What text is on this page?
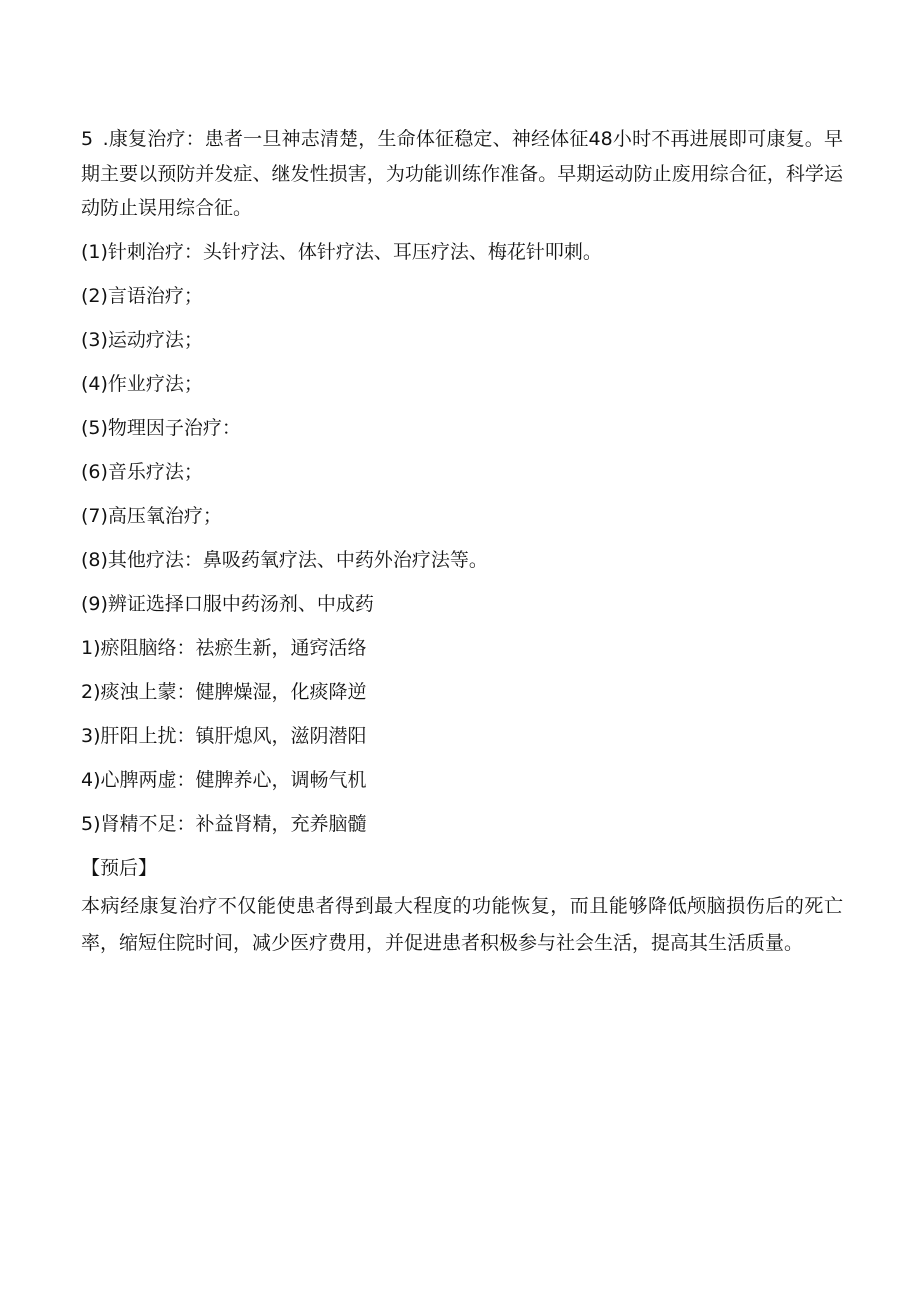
5 .康复治疗：患者一旦神志清楚，生命体征稳定、神经体征48小时不再进展即可康复。早期主要以预防并发症、继发性损害，为功能训练作准备。早期运动防止废用综合征，科学运动防止误用综合征。

(1)针刺治疗：头针疗法、体针疗法、耳压疗法、梅花针叩刺。

(2)言语治疗；

(3)运动疗法；

(4)作业疗法；

(5)物理因子治疗：

(6)音乐疗法；

(7)高压氧治疗；

(8)其他疗法：鼻吸药氧疗法、中药外治疗法等。

(9)辨证选择口服中药汤剂、中成药

1)瘀阻脑络：祛瘀生新，通窍活络

2)痰浊上蒙：健脾燥湿，化痰降逆

3)肝阳上扰：镇肝熄风，滋阴潜阳

4)心脾两虚：健脾养心，调畅气机

5)肾精不足：补益肾精，充养脑髓

【预后】

本病经康复治疗不仅能使患者得到最大程度的功能恢复，而且能够降低颅脑损伤后的死亡率，缩短住院时间，减少医疗费用，并促进患者积极参与社会生活，提高其生活质量。
